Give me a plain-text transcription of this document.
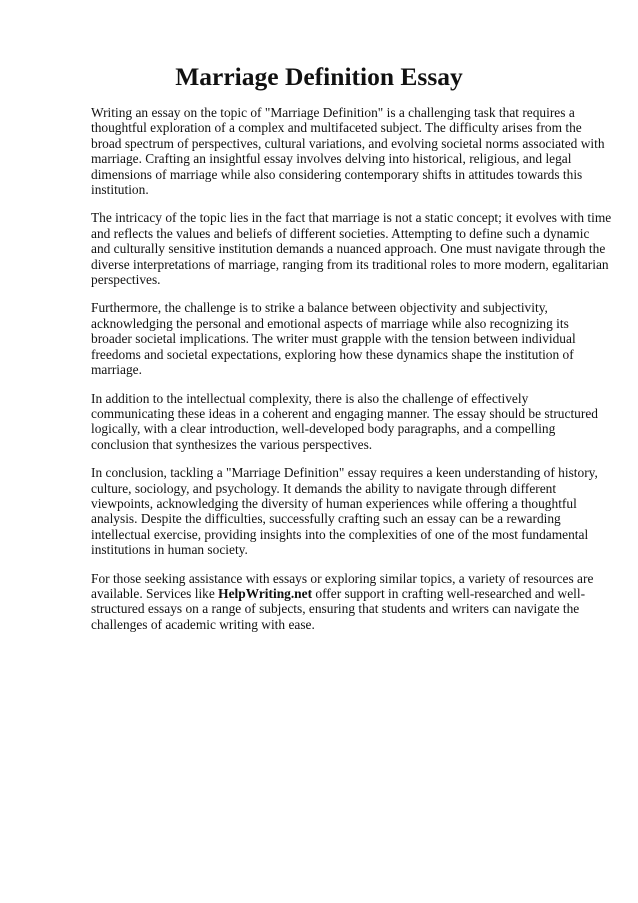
Marriage Definition Essay

Writing an essay on the topic of "Marriage Definition" is a challenging task that requires a
thoughtful exploration of a complex and multifaceted subject. The difficulty arises from the
broad spectrum of perspectives, cultural variations, and evolving societal norms associated with
marriage. Crafting an insightful essay involves delving into historical, religious, and legal
dimensions of marriage while also considering contemporary shifts in attitudes towards this
institution.

The intricacy of the topic lies in the fact that marriage is not a static concept; it evolves with time
and reflects the values and beliefs of different societies. Attempting to define such a dynamic
and culturally sensitive institution demands a nuanced approach. One must navigate through the
diverse interpretations of marriage, ranging from its traditional roles to more modern, egalitarian
perspectives.

Furthermore, the challenge is to strike a balance between objectivity and subjectivity,
acknowledging the personal and emotional aspects of marriage while also recognizing its
broader societal implications. The writer must grapple with the tension between individual
freedoms and societal expectations, exploring how these dynamics shape the institution of
marriage.

In addition to the intellectual complexity, there is also the challenge of effectively
communicating these ideas in a coherent and engaging manner. The essay should be structured
logically, with a clear introduction, well-developed body paragraphs, and a compelling
conclusion that synthesizes the various perspectives.

In conclusion, tackling a "Marriage Definition" essay requires a keen understanding of history,
culture, sociology, and psychology. It demands the ability to navigate through different
viewpoints, acknowledging the diversity of human experiences while offering a thoughtful
analysis. Despite the difficulties, successfully crafting such an essay can be a rewarding
intellectual exercise, providing insights into the complexities of one of the most fundamental
institutions in human society.

For those seeking assistance with essays or exploring similar topics, a variety of resources are
available. Services like HelpWriting.net offer support in crafting well-researched and well-
structured essays on a range of subjects, ensuring that students and writers can navigate the
challenges of academic writing with ease.
